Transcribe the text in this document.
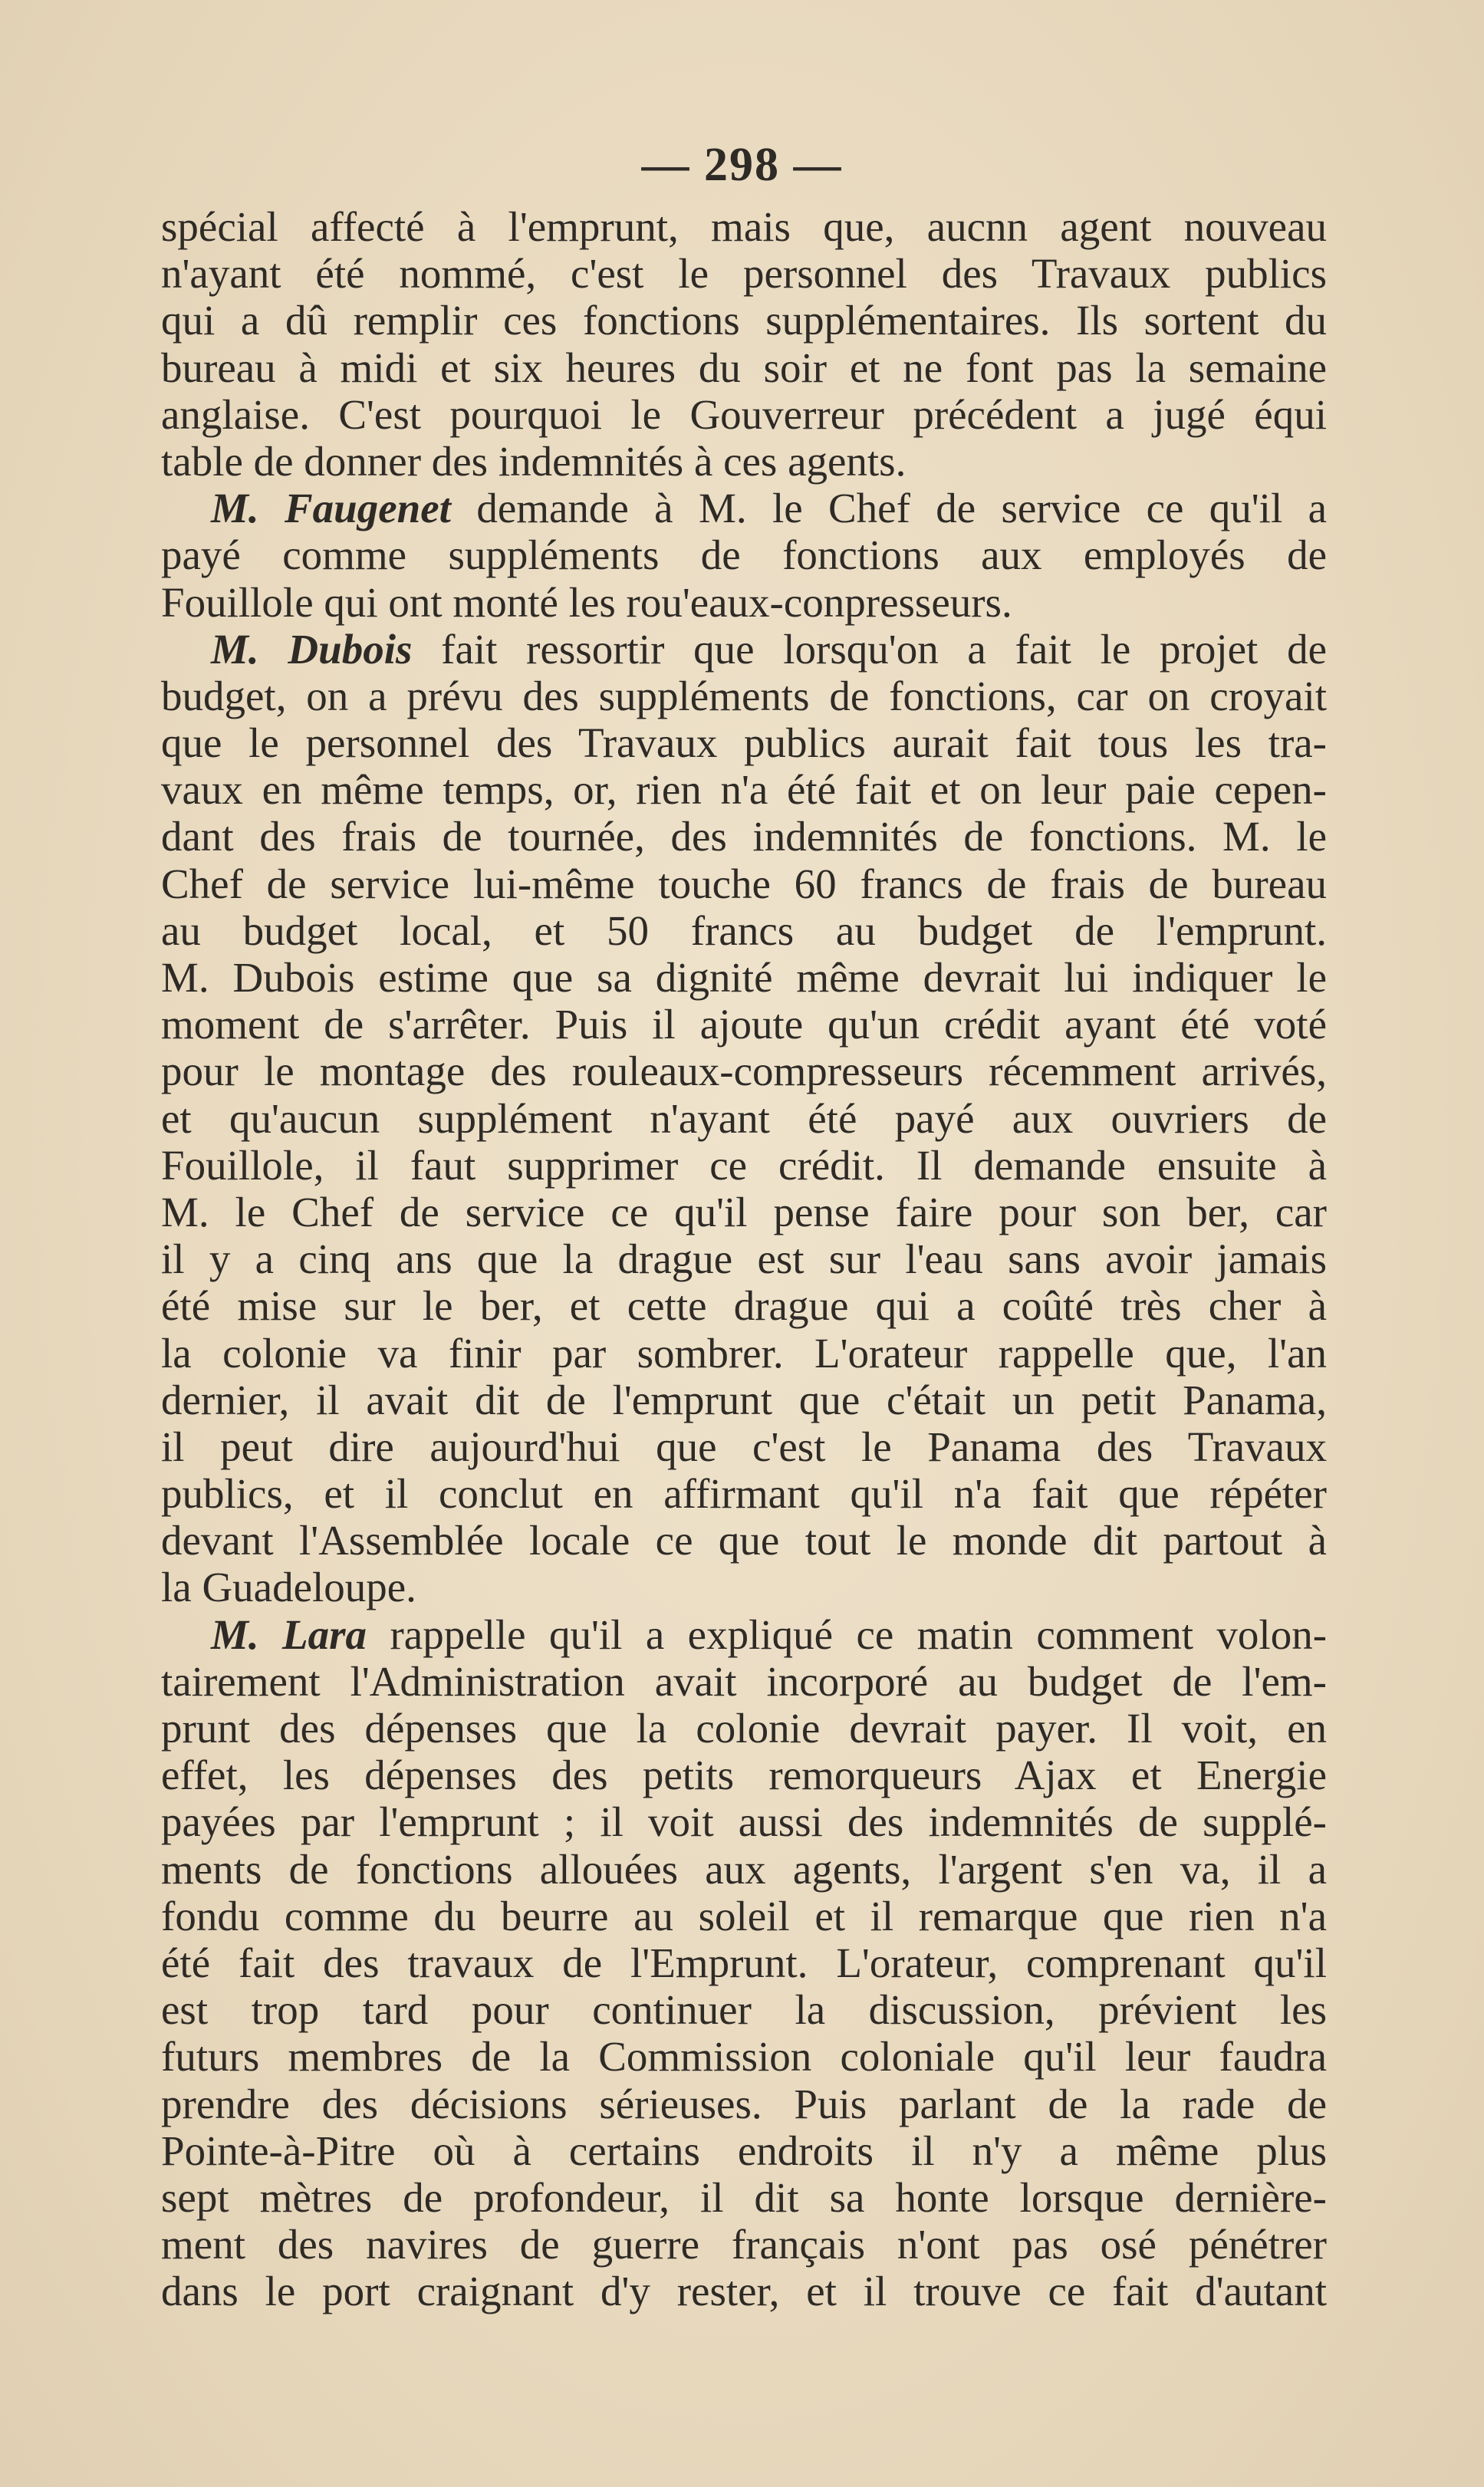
— 298 —
spécial affecté à l'emprunt, mais que, aucnn agent nouveau
n'ayant été nommé, c'est le personnel des Travaux publics
qui a dû remplir ces fonctions supplémentaires. Ils sortent du
bureau à midi et six heures du soir et ne font pas la semaine
anglaise. C'est pourquoi le Gouverreur précédent a jugé équi
table de donner des indemnités à ces agents.
M. Faugenet demande à M. le Chef de service ce qu'il a
payé comme suppléments de fonctions aux employés de
Fouillole qui ont monté les rou'eaux-conpresseurs.
M. Dubois fait ressortir que lorsqu'on a fait le projet de
budget, on a prévu des suppléments de fonctions, car on croyait
que le personnel des Travaux publics aurait fait tous les tra-
vaux en même temps, or, rien n'a été fait et on leur paie cepen-
dant des frais de tournée, des indemnités de fonctions. M. le
Chef de service lui-même touche 60 francs de frais de bureau
au budget local, et 50 francs au budget de l'emprunt.
M. Dubois estime que sa dignité même devrait lui indiquer le
moment de s'arrêter. Puis il ajoute qu'un crédit ayant été voté
pour le montage des rouleaux-compresseurs récemment arrivés,
et qu'aucun supplément n'ayant été payé aux ouvriers de
Fouillole, il faut supprimer ce crédit. Il demande ensuite à
M. le Chef de service ce qu'il pense faire pour son ber, car
il y a cinq ans que la drague est sur l'eau sans avoir jamais
été mise sur le ber, et cette drague qui a coûté très cher à
la colonie va finir par sombrer. L'orateur rappelle que, l'an
dernier, il avait dit de l'emprunt que c'était un petit Panama,
il peut dire aujourd'hui que c'est le Panama des Travaux
publics, et il conclut en affirmant qu'il n'a fait que répéter
devant l'Assemblée locale ce que tout le monde dit partout à
la Guadeloupe.
M. Lara rappelle qu'il a expliqué ce matin comment volon-
tairement l'Administration avait incorporé au budget de l'em-
prunt des dépenses que la colonie devrait payer. Il voit, en
effet, les dépenses des petits remorqueurs Ajax et Energie
payées par l'emprunt ; il voit aussi des indemnités de supplé-
ments de fonctions allouées aux agents, l'argent s'en va, il a
fondu comme du beurre au soleil et il remarque que rien n'a
été fait des travaux de l'Emprunt. L'orateur, comprenant qu'il
est trop tard pour continuer la discussion, prévient les
futurs membres de la Commission coloniale qu'il leur faudra
prendre des décisions sérieuses. Puis parlant de la rade de
Pointe-à-Pitre où à certains endroits il n'y a même plus
sept mètres de profondeur, il dit sa honte lorsque dernière-
ment des navires de guerre français n'ont pas osé pénétrer
dans le port craignant d'y rester, et il trouve ce fait d'autant
